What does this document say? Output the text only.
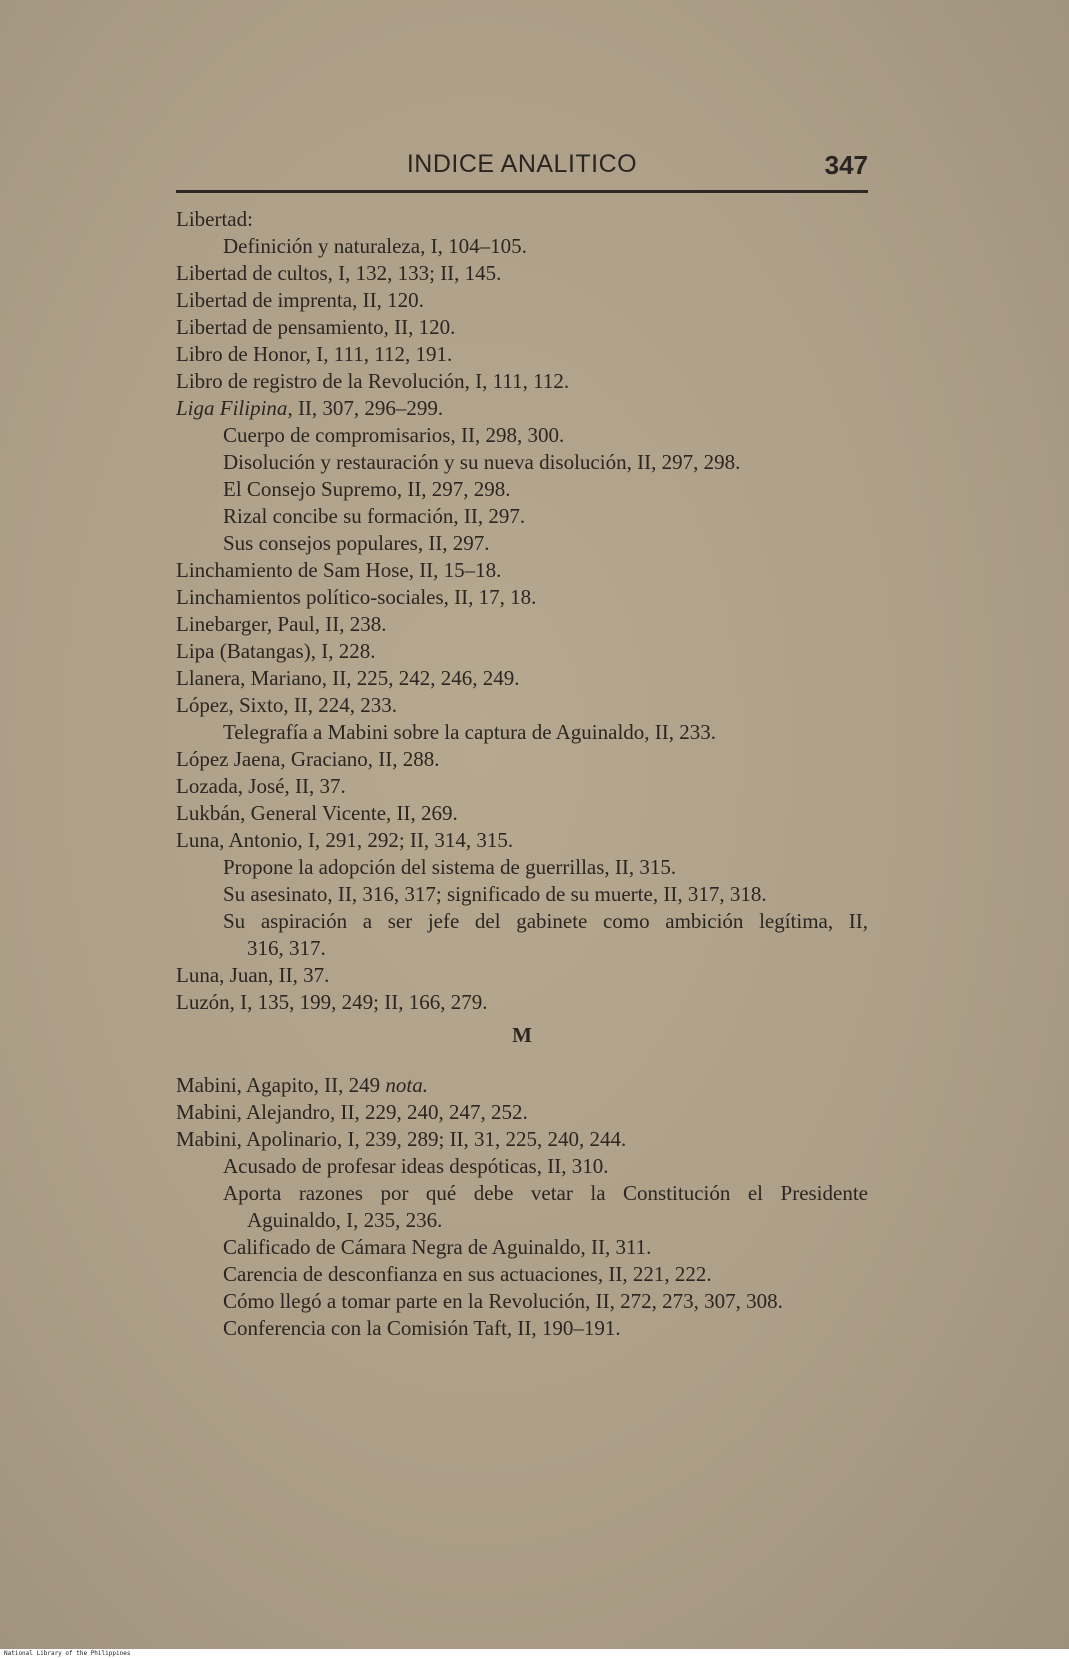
INDICE ANALITICO	347
Libertad:
Definición y naturaleza, I, 104–105.
Libertad de cultos, I, 132, 133; II, 145.
Libertad de imprenta, II, 120.
Libertad de pensamiento, II, 120.
Libro de Honor, I, 111, 112, 191.
Libro de registro de la Revolución, I, 111, 112.
Liga Filipina, II, 307, 296–299.
Cuerpo de compromisarios, II, 298, 300.
Disolución y restauración y su nueva disolución, II, 297, 298.
El Consejo Supremo, II, 297, 298.
Rizal concibe su formación, II, 297.
Sus consejos populares, II, 297.
Linchamiento de Sam Hose, II, 15–18.
Linchamientos político-sociales, II, 17, 18.
Linebarger, Paul, II, 238.
Lipa (Batangas), I, 228.
Llanera, Mariano, II, 225, 242, 246, 249.
López, Sixto, II, 224, 233.
Telegrafía a Mabini sobre la captura de Aguinaldo, II, 233.
López Jaena, Graciano, II, 288.
Lozada, José, II, 37.
Lukbán, General Vicente, II, 269.
Luna, Antonio, I, 291, 292; II, 314, 315.
Propone la adopción del sistema de guerrillas, II, 315.
Su asesinato, II, 316, 317; significado de su muerte, II, 317, 318.
Su aspiración a ser jefe del gabinete como ambición legítima, II,
316, 317.
Luna, Juan, II, 37.
Luzón, I, 135, 199, 249; II, 166, 279.
M
Mabini, Agapito, II, 249 nota.
Mabini, Alejandro, II, 229, 240, 247, 252.
Mabini, Apolinario, I, 239, 289; II, 31, 225, 240, 244.
Acusado de profesar ideas despóticas, II, 310.
Aporta razones por qué debe vetar la Constitución el Presidente
Aguinaldo, I, 235, 236.
Calificado de Cámara Negra de Aguinaldo, II, 311.
Carencia de desconfianza en sus actuaciones, II, 221, 222.
Cómo llegó a tomar parte en la Revolución, II, 272, 273, 307, 308.
Conferencia con la Comisión Taft, II, 190–191.
National Library of the Philippines
